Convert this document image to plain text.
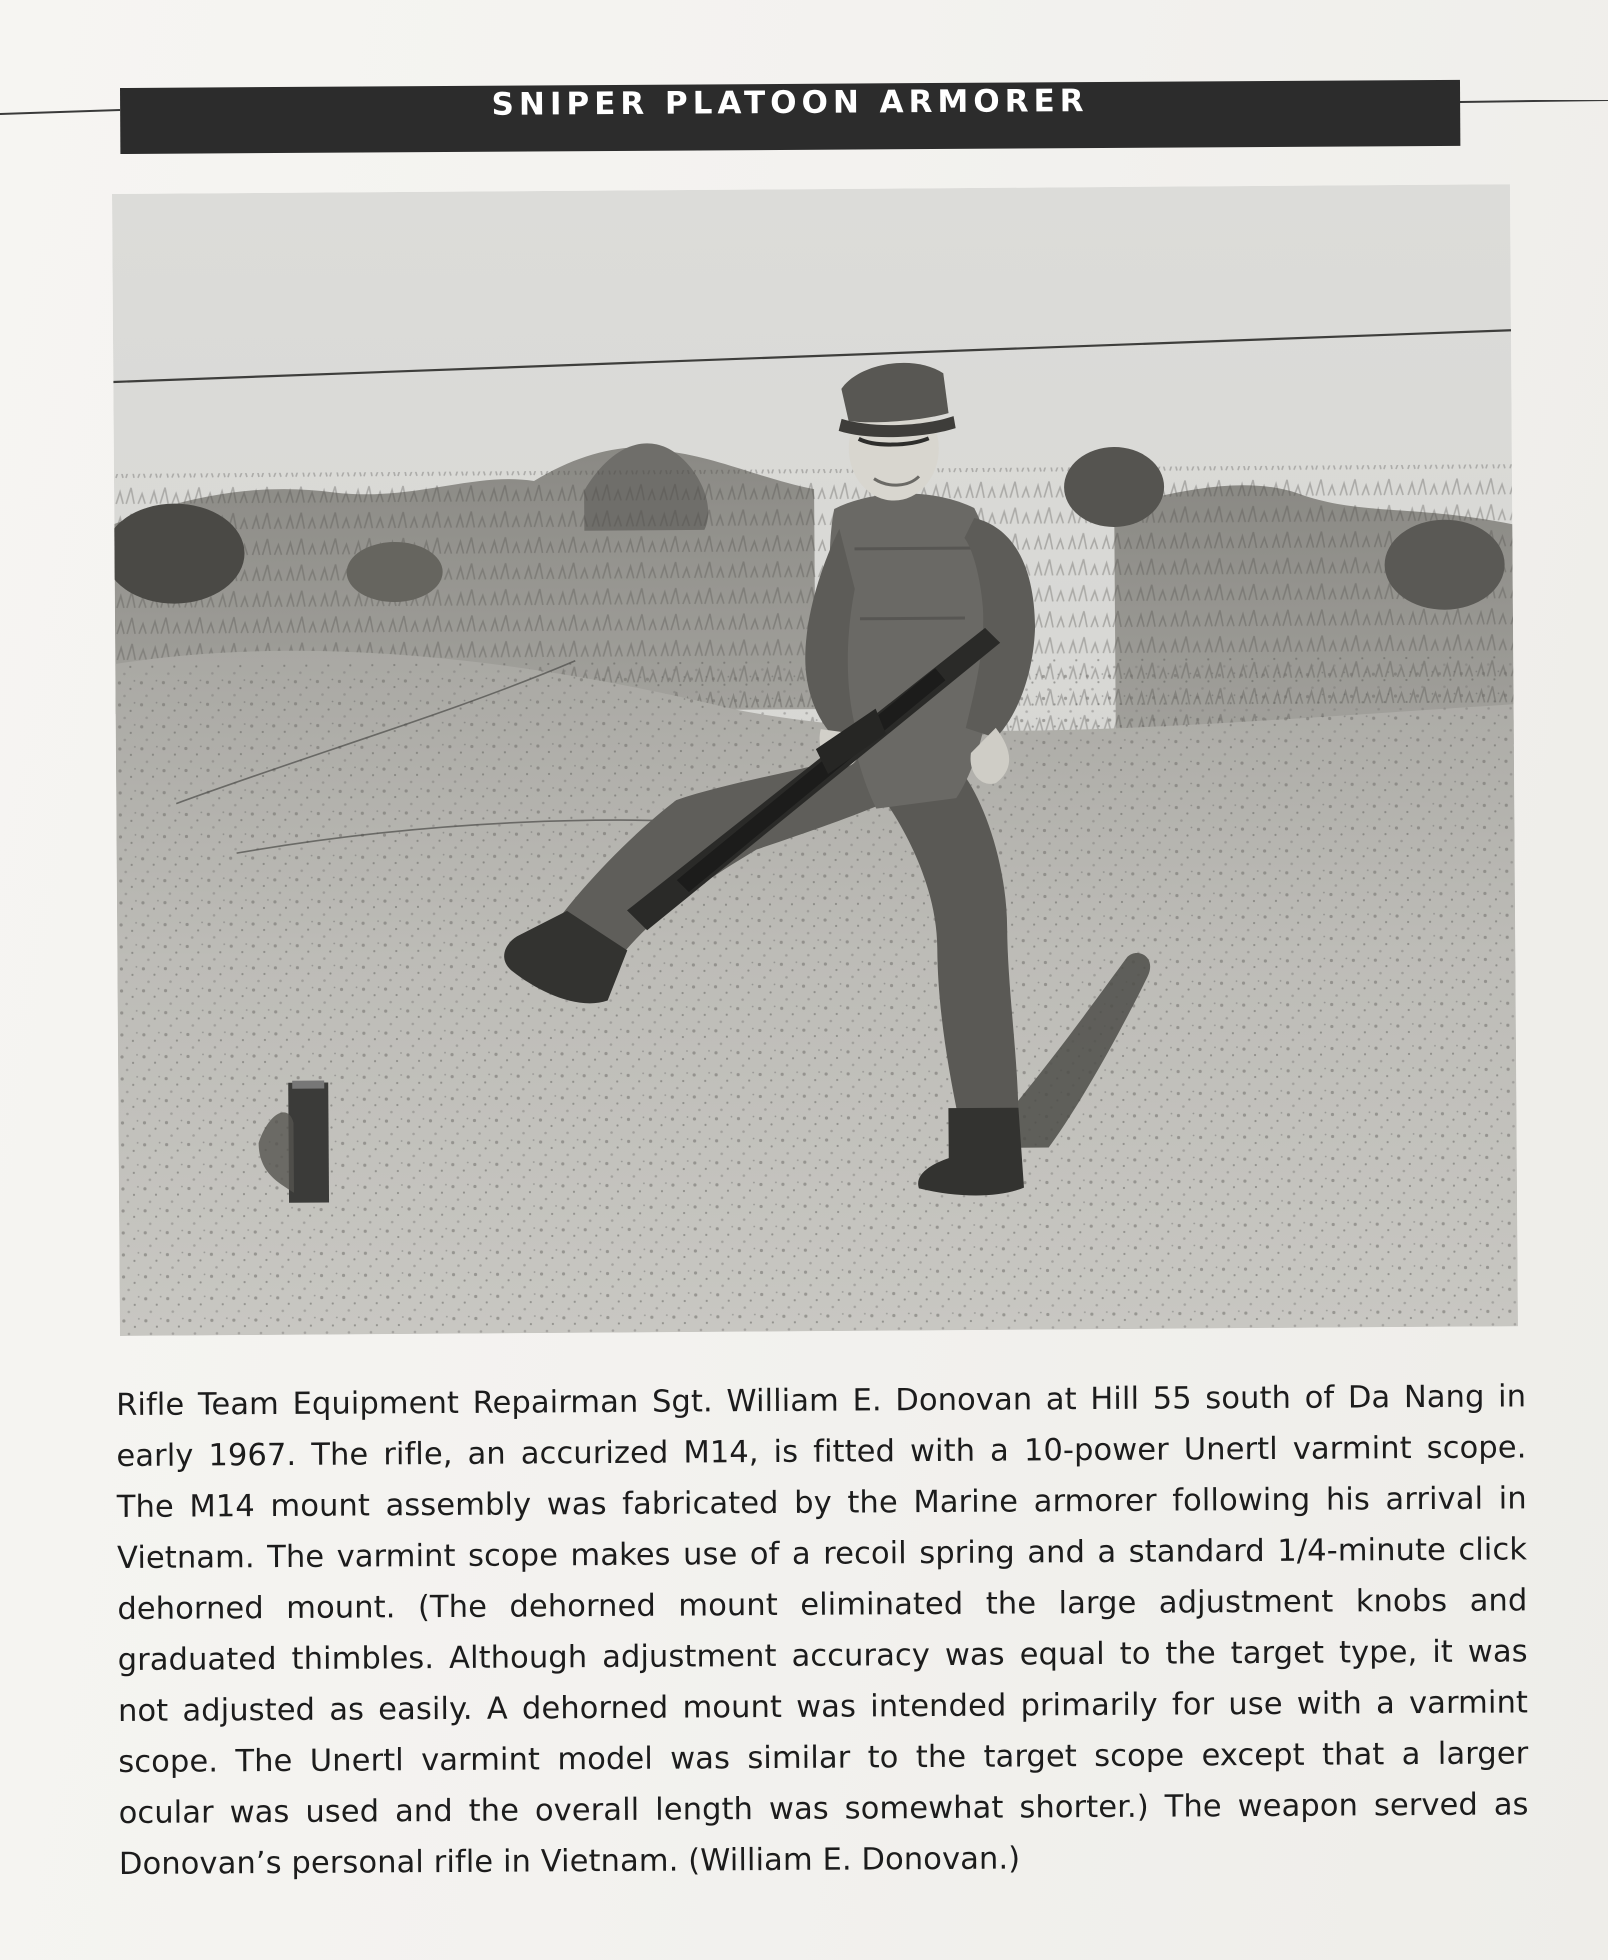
SNIPER PLATOON ARMORER
Rifle Team Equipment Repairman Sgt. William E. Donovan at Hill 55 south of Da Nang in
early 1967. The rifle, an accurized M14, is fitted with a 10-power Unertl varmint scope.
The M14 mount assembly was fabricated by the Marine armorer following his arrival in
Vietnam. The varmint scope makes use of a recoil spring and a standard 1/4-minute click
dehorned mount. (The dehorned mount eliminated the large adjustment knobs and
graduated thimbles. Although adjustment accuracy was equal to the target type, it was
not adjusted as easily. A dehorned mount was intended primarily for use with a varmint
scope. The Unertl varmint model was similar to the target scope except that a larger
ocular was used and the overall length was somewhat shorter.) The weapon served as
Donovan’s personal rifle in Vietnam. (William E. Donovan.)
